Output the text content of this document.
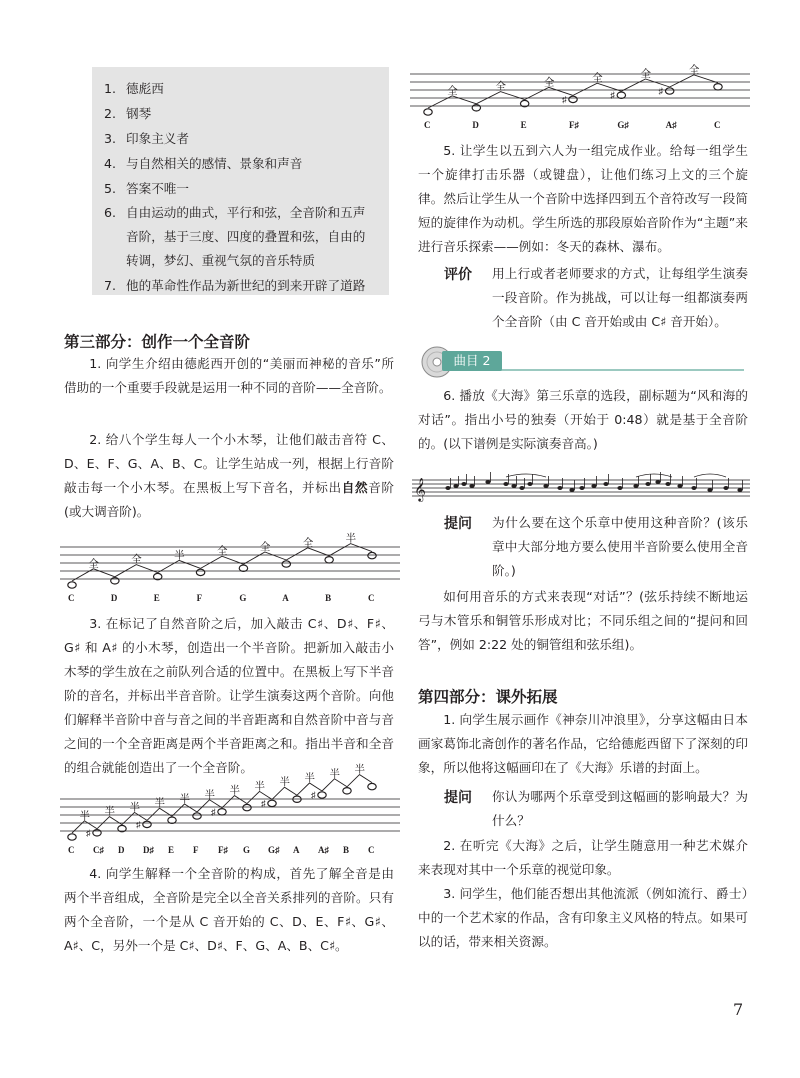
1. 德彪西
2. 钢琴
3. 印象主义者
4. 与自然相关的感情、景象和声音
5. 答案不唯一
6. 自由运动的曲式，平行和弦，全音阶和五声音阶，基于三度、四度的叠置和弦，自由的转调，梦幻、重视气氛的音乐特质
7. 他的革命性作品为新世纪的到来开辟了道路
第三部分：创作一个全音阶

1. 向学生介绍由德彪西开创的“美丽而神秘的音乐”所借助的一个重要手段就是运用一种不同的音阶——全音阶。

2. 给八个学生每人一个小木琴，让他们敲击音符 C、D、E、F、G、A、B、C。让学生站成一列，根据上行音阶敲击每一个小木琴。在黑板上写下音名，并标出自然音阶(或大调音阶)。

C	D	E	F	G	A	B	C
全	全	半	全	全	全	半

3. 在标记了自然音阶之后，加入敲击 C♯、D♯、F♯、G♯ 和 A♯ 的小木琴，创造出一个半音阶。把新加入敲击小木琴的学生放在之前队列合适的位置中。在黑板上写下半音阶的音名，并标出半音音阶。让学生演奏这两个音阶。向他们解释半音阶中音与音之间的半音距离和自然音阶中音与音之间的一个全音距离是两个半音距离之和。指出半音和全音的组合就能创造出了一个全音阶。

♯
♯
♯
♯
♯
C C♯ D D♯ E F F♯ G G♯ A A♯ B C
半 半 半 半 半 半 半 半 半 半 半 半

4. 向学生解释一个全音阶的构成，首先了解全音是由两个半音组成，全音阶是完全以全音关系排列的音阶。只有两个全音阶，一个是从 C 音开始的 C、D、E、F♯、G♯、A♯、C，另外一个是 C♯、D♯、F、G、A、B、C♯。

♯	♯	♯
C	D	E	F♯	G♯	A♯	C
全	全	全	全	全	全

5. 让学生以五到六人为一组完成作业。给每一组学生一个旋律打击乐器（或键盘），让他们练习上文的三个旋律。然后让学生从一个音阶中选择四到五个音符改写一段简短的旋律作为动机。学生所选的那段原始音阶作为“主题”来进行音乐探索——例如：冬天的森林、瀑布。

评价 用上行或者老师要求的方式，让每组学生演奏一段音阶。作为挑战，可以让每一组都演奏两个全音阶（由 C 音开始或由 C♯ 音开始）。

曲目 2

6. 播放《大海》第三乐章的选段，副标题为“风和海的对话”。指出小号的独奏（开始于 0:48）就是基于全音阶的。(以下谱例是实际演奏音高。)

𝄞
提问 为什么要在这个乐章中使用这种音阶？(该乐章中大部分地方要么使用半音阶要么使用全音阶。)

如何用音乐的方式来表现“对话”？(弦乐持续不断地运弓与木管乐和铜管乐形成对比；不同乐组之间的“提问和回答”，例如 2:22 处的铜管组和弦乐组)。

第四部分：课外拓展

1. 向学生展示画作《神奈川冲浪里》，分享这幅由日本画家葛饰北斋创作的著名作品，它给德彪西留下了深刻的印象，所以他将这幅画印在了《大海》乐谱的封面上。

提问 你认为哪两个乐章受到这幅画的影响最大？为什么？

2. 在听完《大海》之后，让学生随意用一种艺术媒介来表现对其中一个乐章的视觉印象。

3. 问学生，他们能否想出其他流派（例如流行、爵士）中的一个艺术家的作品，含有印象主义风格的特点。如果可以的话，带来相关资源。

7
